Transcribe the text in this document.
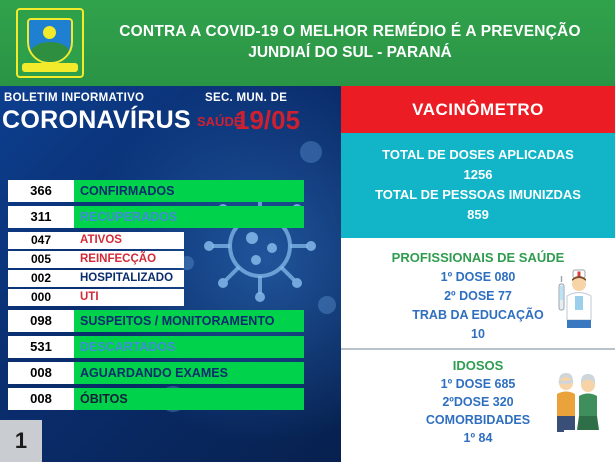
CONTRA A COVID-19 O MELHOR REMÉDIO É A PREVENÇÃO
JUNDIAÍ DO SUL - PARANÁ
BOLETIM INFORMATIVO
CORONAVÍRUS
SEC. MUN. DE
SAÚDE
19/05
366	CONFIRMADOS
311	RECUPERADOS
047	ATIVOS
005	REINFECÇÃO
002	HOSPITALIZADO
000	UTI
098	SUSPEITOS / MONITORAMENTO
531	DESCARTADOS
008	AGUARDANDO EXAMES
008	ÓBITOS
1
VACINÔMETRO
TOTAL DE DOSES APLICADAS
1256
TOTAL DE PESSOAS IMUNIZDAS
859
PROFISSIONAIS DE SAÚDE
1º DOSE 080
2º DOSE 77
TRAB DA EDUCAÇÃO
10
IDOSOS
1º DOSE 685
2ºDOSE 320
COMORBIDADES
1º 84
